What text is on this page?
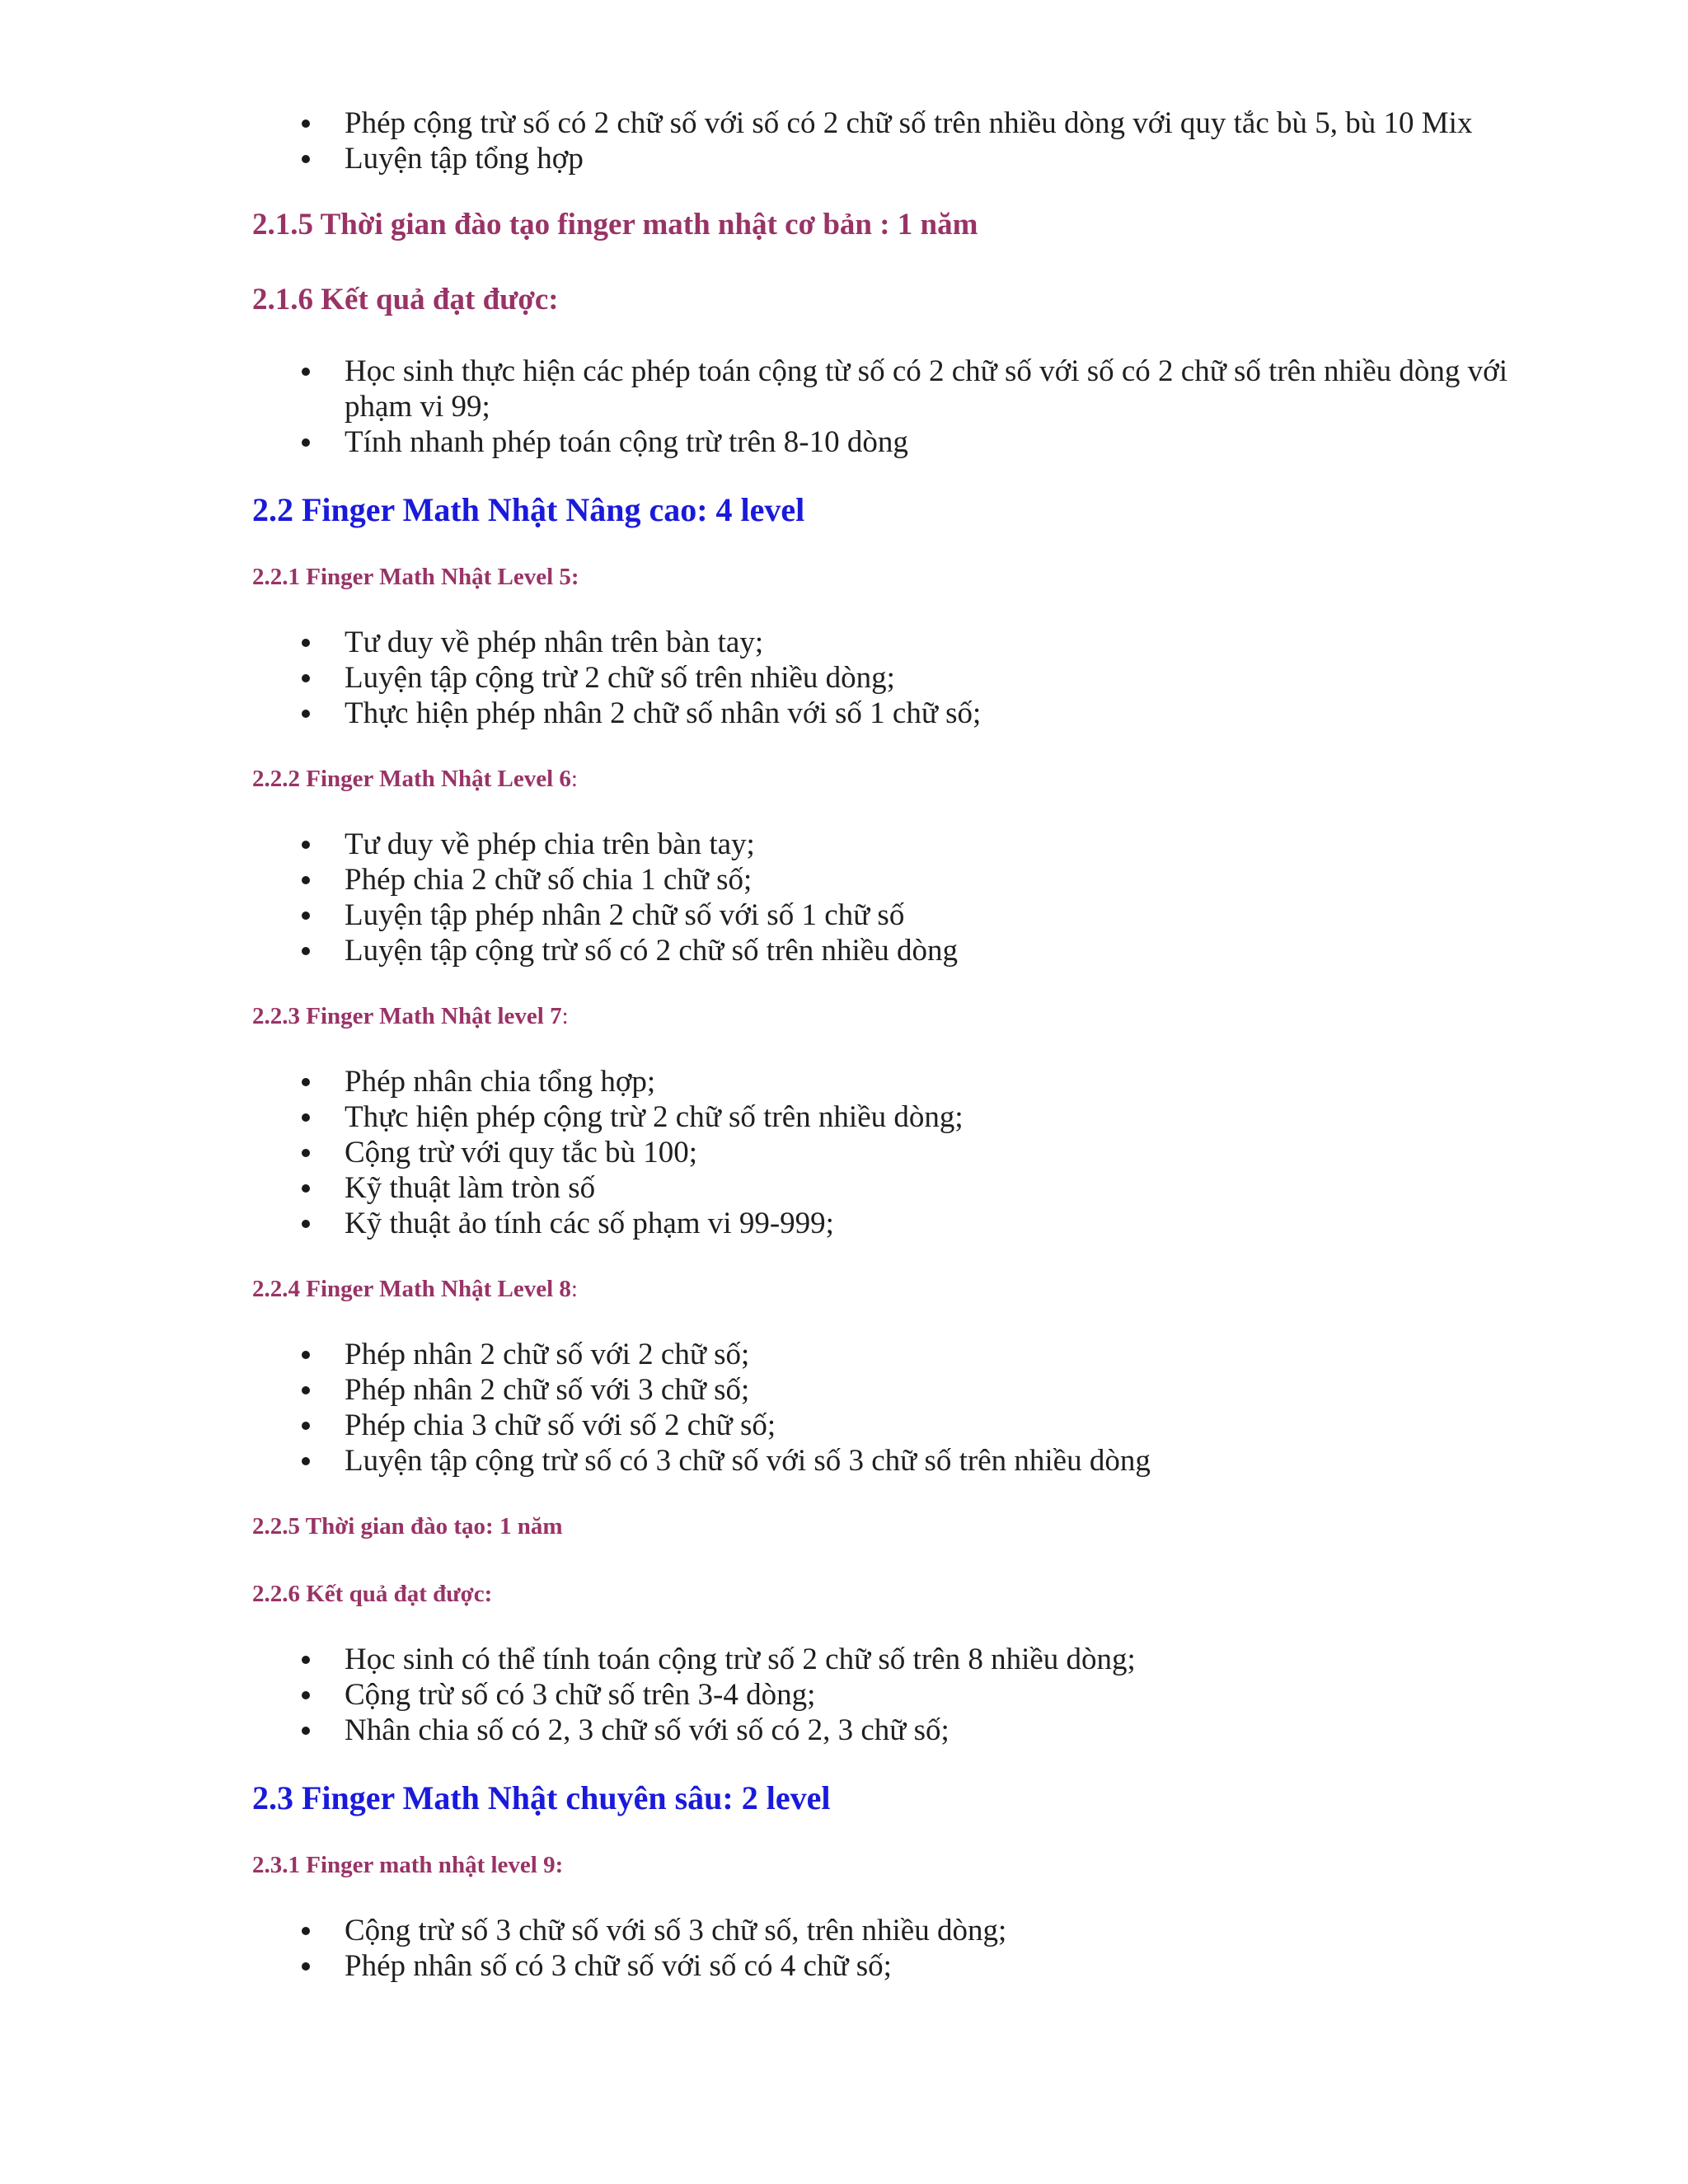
Phép cộng trừ số có 2 chữ số với số có 2 chữ số trên nhiều dòng với quy tắc bù 5, bù 10 Mix
Luyện tập tổng hợp

2.1.5 Thời gian đào tạo finger math nhật cơ bản : 1 năm

2.1.6 Kết quả đạt được:

Học sinh thực hiện các phép toán cộng từ số có 2 chữ số với số có 2 chữ số trên nhiều dòng với phạm vi 99;
Tính nhanh phép toán cộng trừ trên 8-10 dòng

2.2 Finger Math Nhật Nâng cao: 4 level

2.2.1 Finger Math Nhật Level 5:

Tư duy về phép nhân trên bàn tay;
Luyện tập cộng trừ 2 chữ số trên nhiều dòng;
Thực hiện phép nhân 2 chữ số nhân với số 1 chữ số;

2.2.2 Finger Math Nhật Level 6:

Tư duy về phép chia trên bàn tay;
Phép chia 2 chữ số chia 1 chữ số;
Luyện tập phép nhân 2 chữ số với số 1 chữ số
Luyện tập cộng trừ số có 2 chữ số trên nhiều dòng

2.2.3 Finger Math Nhật level 7:

Phép nhân chia tổng hợp;
Thực hiện phép cộng trừ 2 chữ số trên nhiều dòng;
Cộng trừ với quy tắc bù 100;
Kỹ thuật làm tròn số
Kỹ thuật ảo tính các số phạm vi 99-999;

2.2.4 Finger Math Nhật Level 8:

Phép nhân 2 chữ số với 2 chữ số;
Phép nhân 2 chữ số với 3 chữ số;
Phép chia 3 chữ số với số 2 chữ số;
Luyện tập cộng trừ số có 3 chữ số với số 3 chữ số trên nhiều dòng

2.2.5 Thời gian đào tạo: 1 năm

2.2.6 Kết quả đạt được:

Học sinh có thể tính toán cộng trừ số 2 chữ số trên 8 nhiều dòng;
Cộng trừ số có 3 chữ số trên 3-4 dòng;
Nhân chia số có 2, 3 chữ số với số có 2, 3 chữ số;

2.3 Finger Math Nhật chuyên sâu: 2 level

2.3.1 Finger math nhật level 9:

Cộng trừ số 3 chữ số với số 3 chữ số, trên nhiều dòng;
Phép nhân số có 3 chữ số với số có 4 chữ số;
